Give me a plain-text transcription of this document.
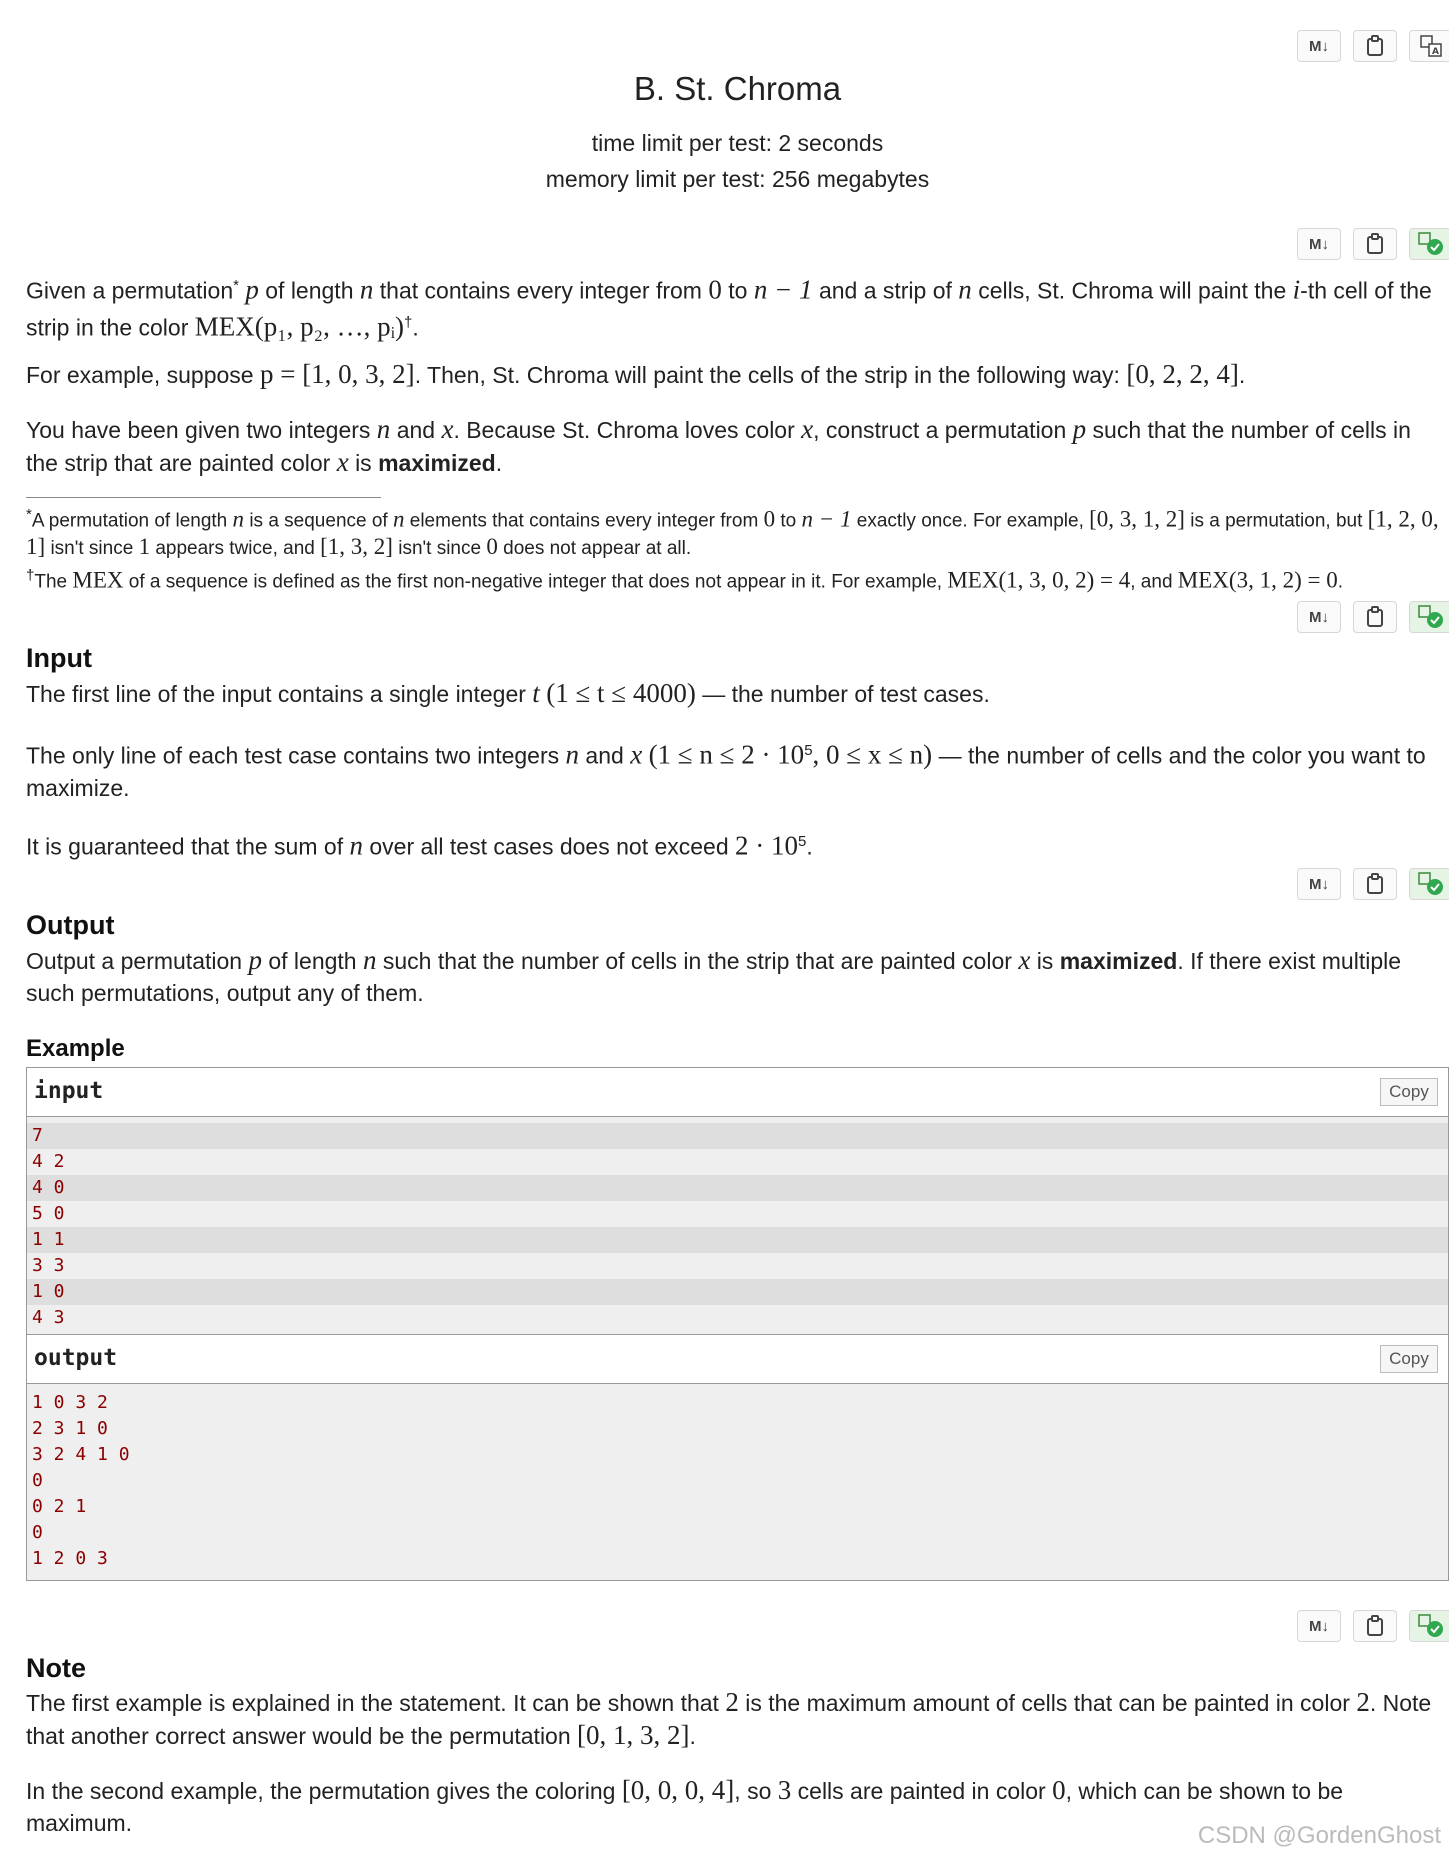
M↓	A
B. St. Chroma
time limit per test: 2 seconds
memory limit per test: 256 megabytes
M↓

Given a permutation* p of length n that contains every integer from 0 to n − 1 and a strip of n cells, St. Chroma will paint the i-th cell of the strip in the color MEX(p₁, p₂, …, pᵢ)†.

For example, suppose p = [1, 0, 3, 2]. Then, St. Chroma will paint the cells of the strip in the following way: [0, 2, 2, 4].

You have been given two integers n and x. Because St. Chroma loves color x, construct a permutation p such that the number of cells in the strip that are painted color x is maximized.

*A permutation of length n is a sequence of n elements that contains every integer from 0 to n − 1 exactly once. For example, [0, 3, 1, 2] is a permutation, but [1, 2, 0, 1] isn't since 1 appears twice, and [1, 3, 2] isn't since 0 does not appear at all.
†The MEX of a sequence is defined as the first non-negative integer that does not appear in it. For example, MEX(1, 3, 0, 2) = 4, and MEX(3, 1, 2) = 0.
M↓
Input

The first line of the input contains a single integer t (1 ≤ t ≤ 4000) — the number of test cases.

The only line of each test case contains two integers n and x ($1 \le n \le 2 \cdot 10^5$, 0 ≤ x ≤ n) — the number of cells and the color you want to maximize.

It is guaranteed that the sum of n over all test cases does not exceed $2 \cdot 10^5$.

M↓
Output

Output a permutation p of length n such that the number of cells in the strip that are painted color x is maximized. If there exist multiple such permutations, output any of them.

Example
input	Copy
7
4 2
4 0
5 0
1 1
3 3
1 0
4 3
output	Copy
1 0 3 2
2 3 1 0
3 2 4 1 0
0
0 2 1
0
1 2 0 3
M↓
Note

The first example is explained in the statement. It can be shown that 2 is the maximum amount of cells that can be painted in color 2. Note that another correct answer would be the permutation [0, 1, 3, 2].

In the second example, the permutation gives the coloring [0, 0, 0, 4], so 3 cells are painted in color 0, which can be shown to be maximum.	CSDN @GordenGhost
